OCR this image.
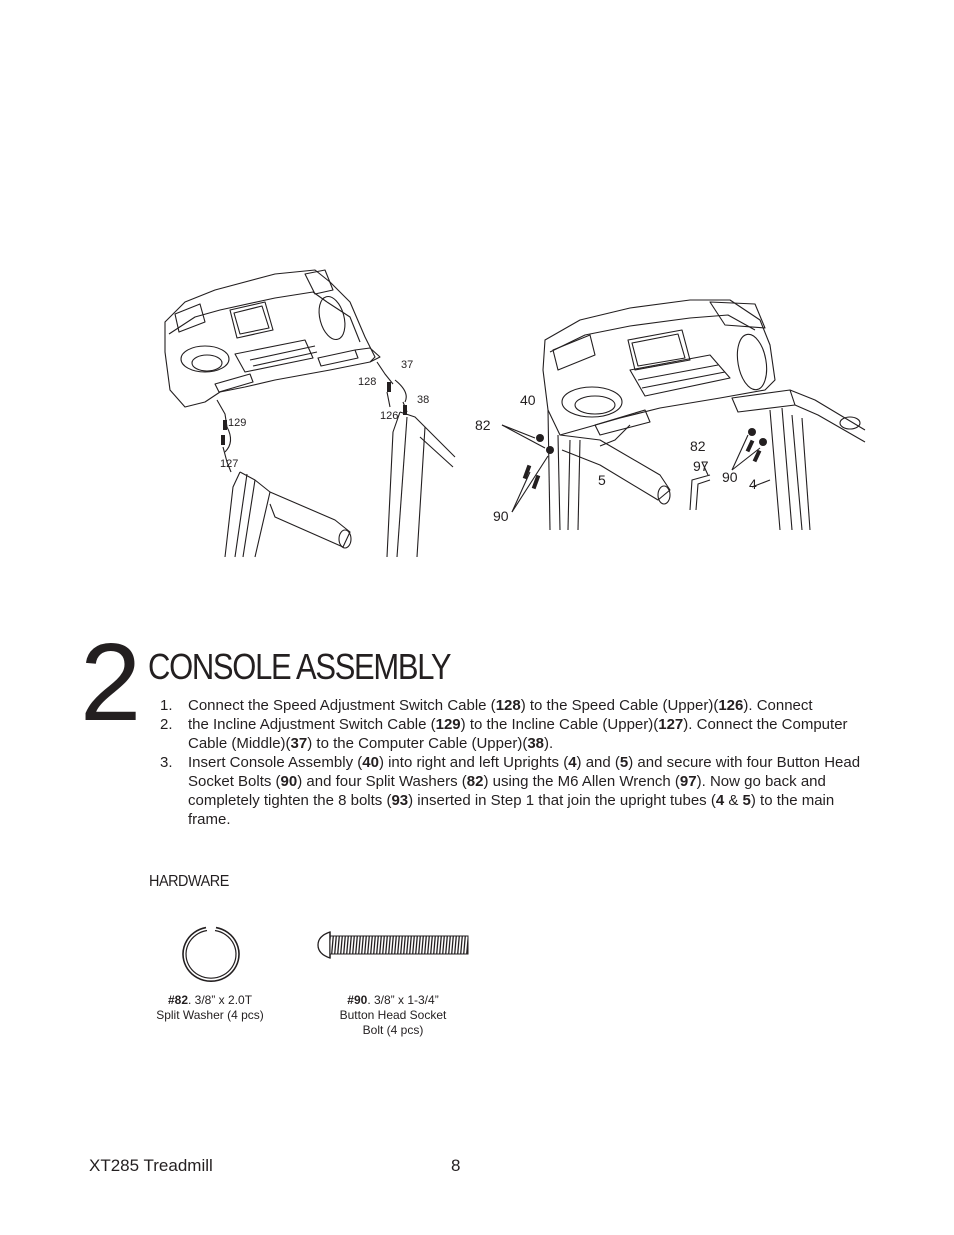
37
128
38
126
129
127
40
82
82
97
90
5	4
90
2 CONSOLE ASSEMBLY
1. Connect the Speed Adjustment Switch Cable (128) to the Speed Cable (Upper)(126). Connect
2. the Incline Adjustment Switch Cable (129) to the Incline Cable (Upper)(127). Connect the Computer Cable (Middle)(37) to the Computer Cable (Upper)(38).
3. Insert Console Assembly (40) into right and left Uprights (4) and (5) and secure with four Button Head Socket Bolts (90) and four Split Washers (82) using the M6 Allen Wrench (97). Now go back and completely tighten the 8 bolts (93) inserted in Step 1 that join the upright tubes (4 & 5) to the main frame.
HARDWARE
#82. 3/8” x 2.0T
Split Washer (4 pcs)
#90. 3/8” x 1-3/4”
Button Head Socket
Bolt (4 pcs)
XT285 Treadmill	8
